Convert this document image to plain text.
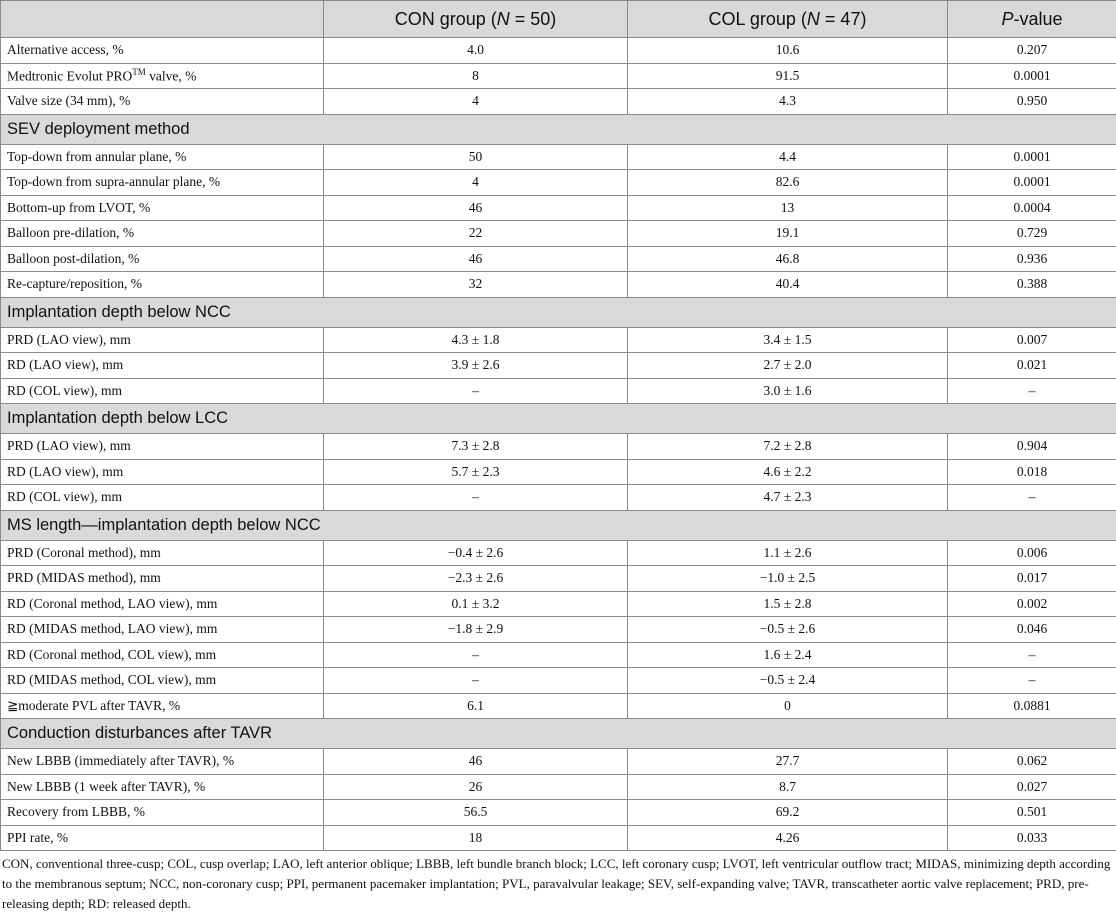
	CON group (N = 50)	COL group (N = 47)	P-value
Alternative access, %	4.0	10.6	0.207
Medtronic Evolut PRO™ valve, %	8	91.5	0.0001
Valve size (34 mm), %	4	4.3	0.950
SEV deployment method			
Top-down from annular plane, %	50	4.4	0.0001
Top-down from supra-annular plane, %	4	82.6	0.0001
Bottom-up from LVOT, %	46	13	0.0004
Balloon pre-dilation, %	22	19.1	0.729
Balloon post-dilation, %	46	46.8	0.936
Re-capture/reposition, %	32	40.4	0.388
Implantation depth below NCC			
PRD (LAO view), mm	4.3 ± 1.8	3.4 ± 1.5	0.007
RD (LAO view), mm	3.9 ± 2.6	2.7 ± 2.0	0.021
RD (COL view), mm	–	3.0 ± 1.6	–
Implantation depth below LCC			
PRD (LAO view), mm	7.3 ± 2.8	7.2 ± 2.8	0.904
RD (LAO view), mm	5.7 ± 2.3	4.6 ± 2.2	0.018
RD (COL view), mm	–	4.7 ± 2.3	–
MS length—implantation depth below NCC			
PRD (Coronal method), mm	−0.4 ± 2.6	1.1 ± 2.6	0.006
PRD (MIDAS method), mm	−2.3 ± 2.6	−1.0 ± 2.5	0.017
RD (Coronal method, LAO view), mm	0.1 ± 3.2	1.5 ± 2.8	0.002
RD (MIDAS method, LAO view), mm	−1.8 ± 2.9	−0.5 ± 2.6	0.046
RD (Coronal method, COL view), mm	–	1.6 ± 2.4	–
RD (MIDAS method, COL view), mm	–	−0.5 ± 2.4	–
≧moderate PVL after TAVR, %	6.1	0	0.0881
Conduction disturbances after TAVR			
New LBBB (immediately after TAVR), %	46	27.7	0.062
New LBBB (1 week after TAVR), %	26	8.7	0.027
Recovery from LBBB, %	56.5	69.2	0.501
PPI rate, %	18	4.26	0.033
CON, conventional three-cusp; COL, cusp overlap; LAO, left anterior oblique; LBBB, left bundle branch block; LCC, left coronary cusp; LVOT, left ventricular outflow tract; MIDAS, minimizing depth according to the membranous septum; NCC, non-coronary cusp; PPI, permanent pacemaker implantation; PVL, paravalvular leakage; SEV, self-expanding valve; TAVR, transcatheter aortic valve replacement; PRD, pre-releasing depth; RD: released depth.
